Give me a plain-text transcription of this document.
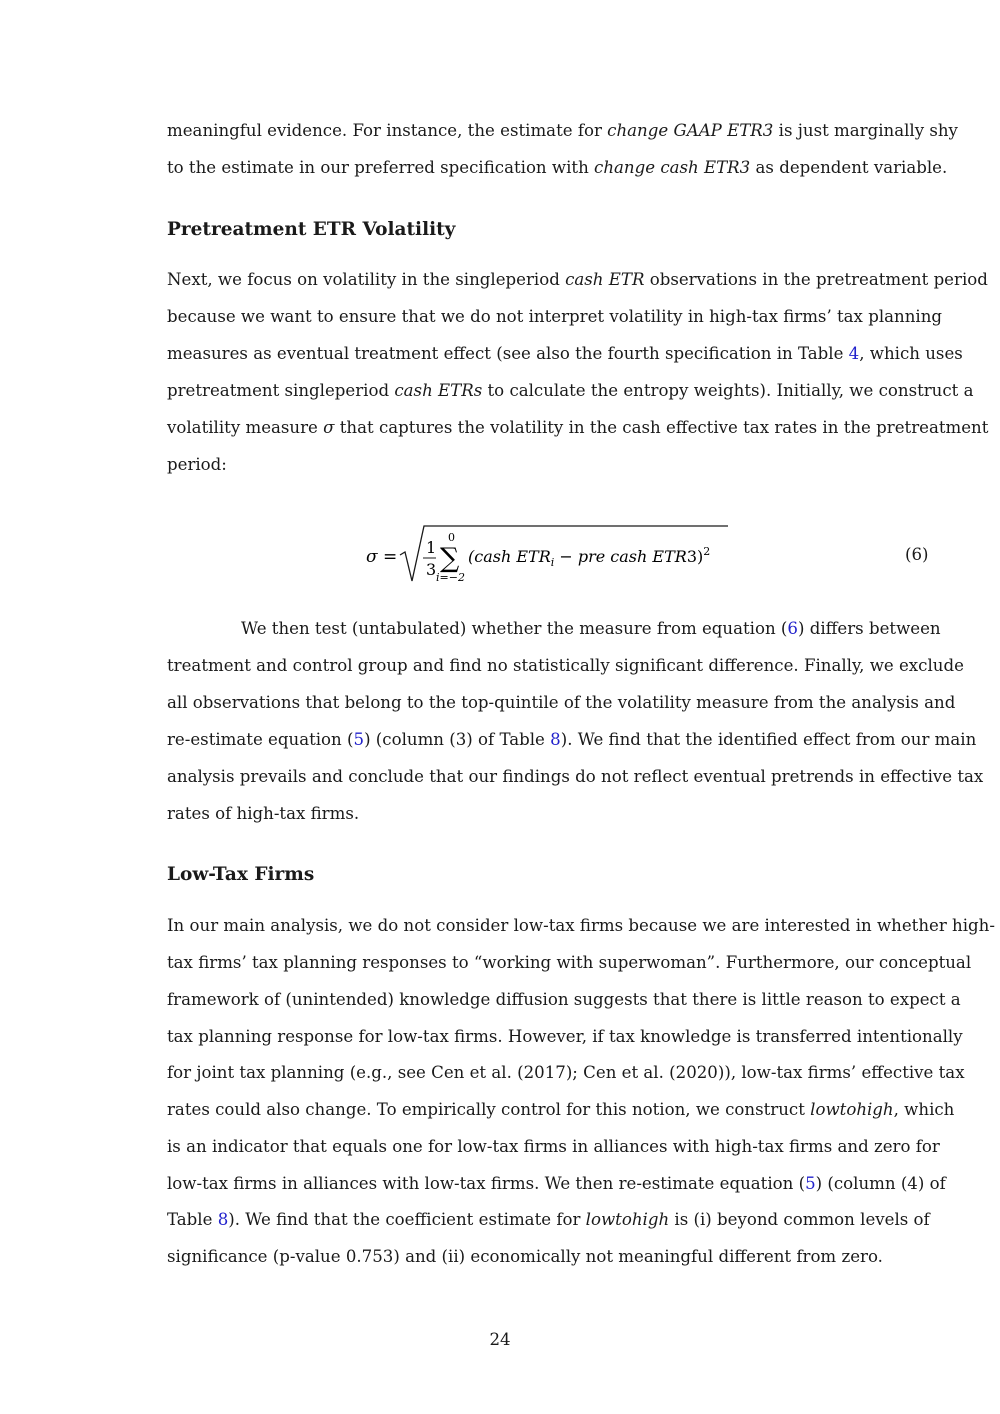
meaningful evidence. For instance, the estimate for change GAAP ETR3 is just marginally shy
to the estimate in our preferred specification with change cash ETR3 as dependent variable.
Pretreatment ETR Volatility
Next, we focus on volatility in the singleperiod cash ETR observations in the pretreatment period
because we want to ensure that we do not interpret volatility in high-tax firms’ tax planning
measures as eventual treatment effect (see also the fourth specification in Table 4, which uses
pretreatment singleperiod cash ETRs to calculate the entropy weights). Initially, we construct a
volatility measure σ that captures the volatility in the cash effective tax rates in the pretreatment
period:
σ = 1
3
0
∑
i=−2
(cash $ETR_i$ − pre cash ETR3)$^2$	(6)
We then test (untabulated) whether the measure from equation (6) differs between
treatment and control group and find no statistically significant difference. Finally, we exclude
all observations that belong to the top-quintile of the volatility measure from the analysis and
re-estimate equation (5) (column (3) of Table 8). We find that the identified effect from our main
analysis prevails and conclude that our findings do not reflect eventual pretrends in effective tax
rates of high-tax firms.
Low-Tax Firms
In our main analysis, we do not consider low-tax firms because we are interested in whether high-
tax firms’ tax planning responses to “working with superwoman”. Furthermore, our conceptual
framework of (unintended) knowledge diffusion suggests that there is little reason to expect a
tax planning response for low-tax firms. However, if tax knowledge is transferred intentionally
for joint tax planning (e.g., see Cen et al. (2017); Cen et al. (2020)), low-tax firms’ effective tax
rates could also change. To empirically control for this notion, we construct lowtohigh, which
is an indicator that equals one for low-tax firms in alliances with high-tax firms and zero for
low-tax firms in alliances with low-tax firms. We then re-estimate equation (5) (column (4) of
Table 8). We find that the coefficient estimate for lowtohigh is (i) beyond common levels of
significance (p-value 0.753) and (ii) economically not meaningful different from zero.
24
